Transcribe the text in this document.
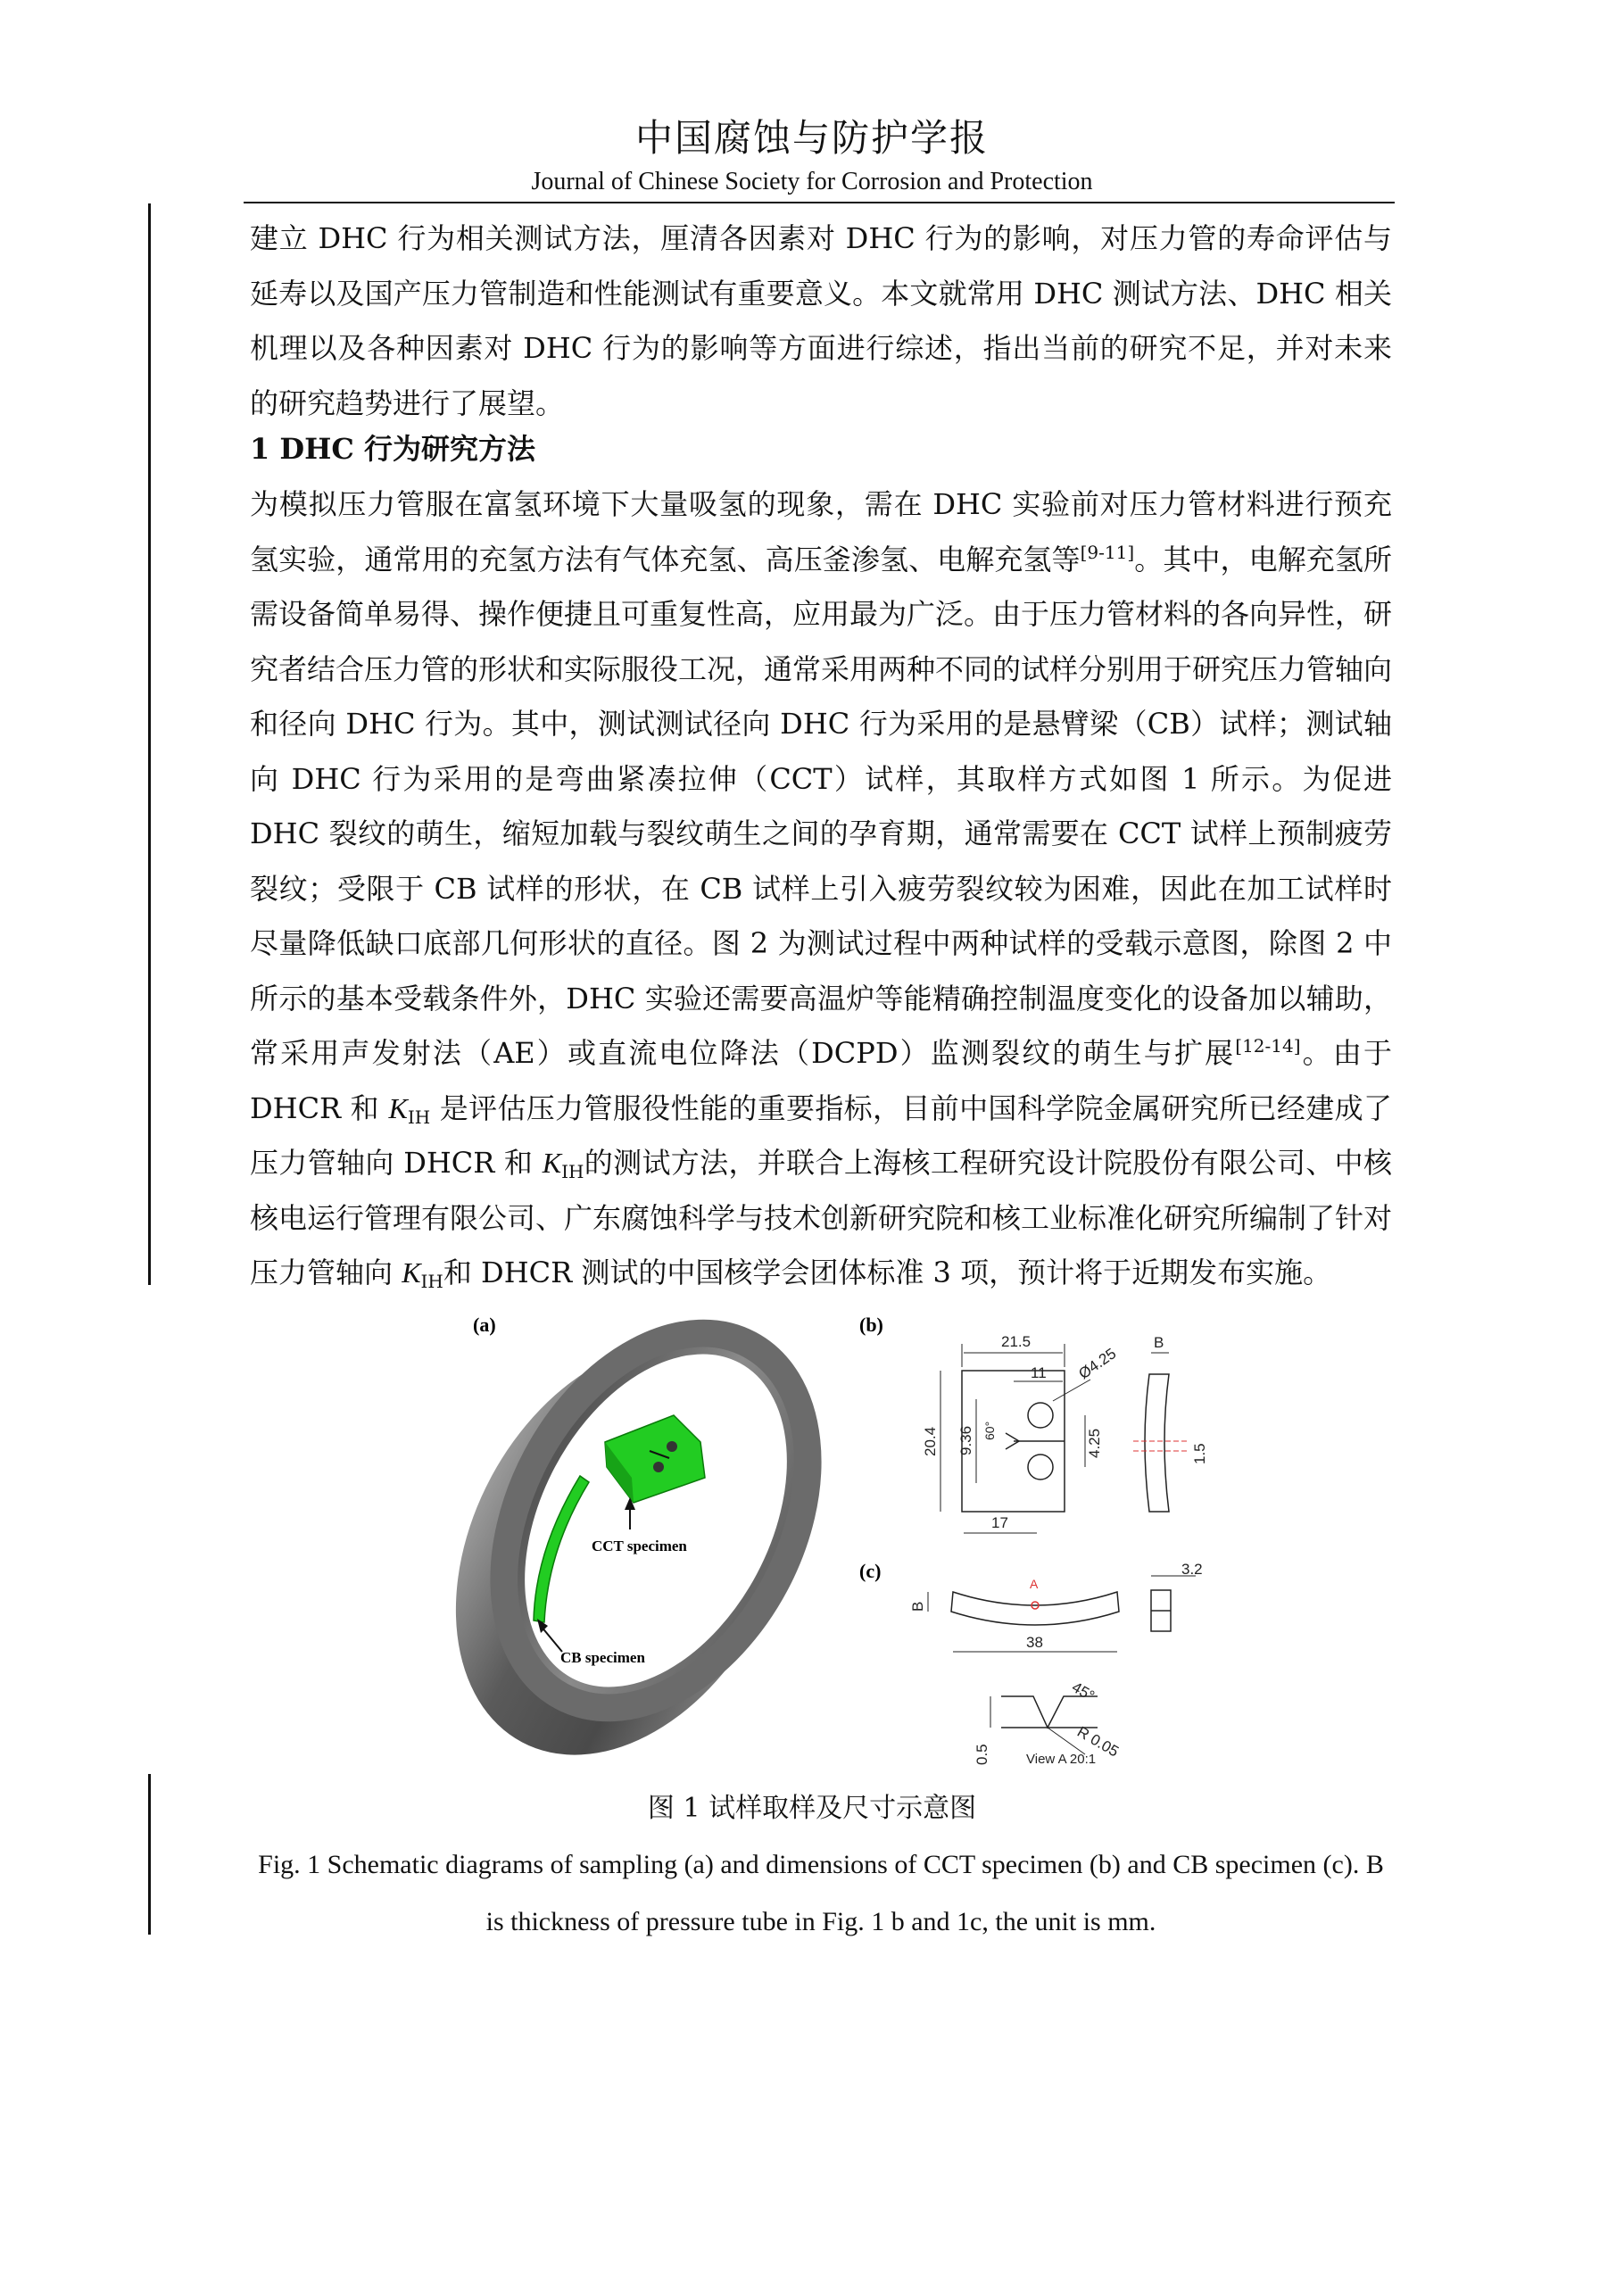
中国腐蚀与防护学报
Journal of Chinese Society for Corrosion and Protection

建立 DHC 行为相关测试方法，厘清各因素对 DHC 行为的影响，对压力管的寿命评估与延寿以及国产压力管制造和性能测试有重要意义。本文就常用 DHC 测试方法、DHC 相关机理以及各种因素对 DHC 行为的影响等方面进行综述，指出当前的研究不足，并对未来的研究趋势进行了展望。

1 DHC 行为研究方法

为模拟压力管服在富氢环境下大量吸氢的现象，需在 DHC 实验前对压力管材料进行预充氢实验，通常用的充氢方法有气体充氢、高压釜渗氢、电解充氢等[9-11]。其中，电解充氢所需设备简单易得、操作便捷且可重复性高，应用最为广泛。由于压力管材料的各向异性，研究者结合压力管的形状和实际服役工况，通常采用两种不同的试样分别用于研究压力管轴向和径向 DHC 行为。其中，测试测试径向 DHC 行为采用的是悬臂梁（CB）试样；测试轴向 DHC 行为采用的是弯曲紧凑拉伸（CCT）试样，其取样方式如图 1 所示。为促进 DHC 裂纹的萌生，缩短加载与裂纹萌生之间的孕育期，通常需要在 CCT 试样上预制疲劳裂纹；受限于 CB 试样的形状，在 CB 试样上引入疲劳裂纹较为困难，因此在加工试样时尽量降低缺口底部几何形状的直径。图 2 为测试过程中两种试样的受载示意图，除图 2 中所示的基本受载条件外，DHC 实验还需要高温炉等能精确控制温度变化的设备加以辅助，常采用声发射法（AE）或直流电位降法（DCPD）监测裂纹的萌生与扩展[12-14]。由于 DHCR 和 $K_{IH}$ 是评估压力管服役性能的重要指标，目前中国科学院金属研究所已经建成了压力管轴向 DHCR 和 $K_{IH}$的测试方法，并联合上海核工程研究设计院股份有限公司、中核核电运行管理有限公司、广东腐蚀科学与技术创新研究院和核工业标准化研究所编制了针对压力管轴向 $K_{IH}$和 DHCR 测试的中国核学会团体标准 3 项，预计将于近期发布实施。

(a)
CCT specimen
CB specimen
(b)
21.5
11 Ø4.25
20.4 9.36 60°	4.25
17
B
1.5
(c)
B
A
38
3.2
45°
R 0.05
0.5	View A 20:1
图 1 试样取样及尺寸示意图
Fig. 1 Schematic diagrams of sampling (a) and dimensions of CCT specimen (b) and CB specimen (c). B is thickness of pressure tube in Fig. 1 b and 1c, the unit is mm.
